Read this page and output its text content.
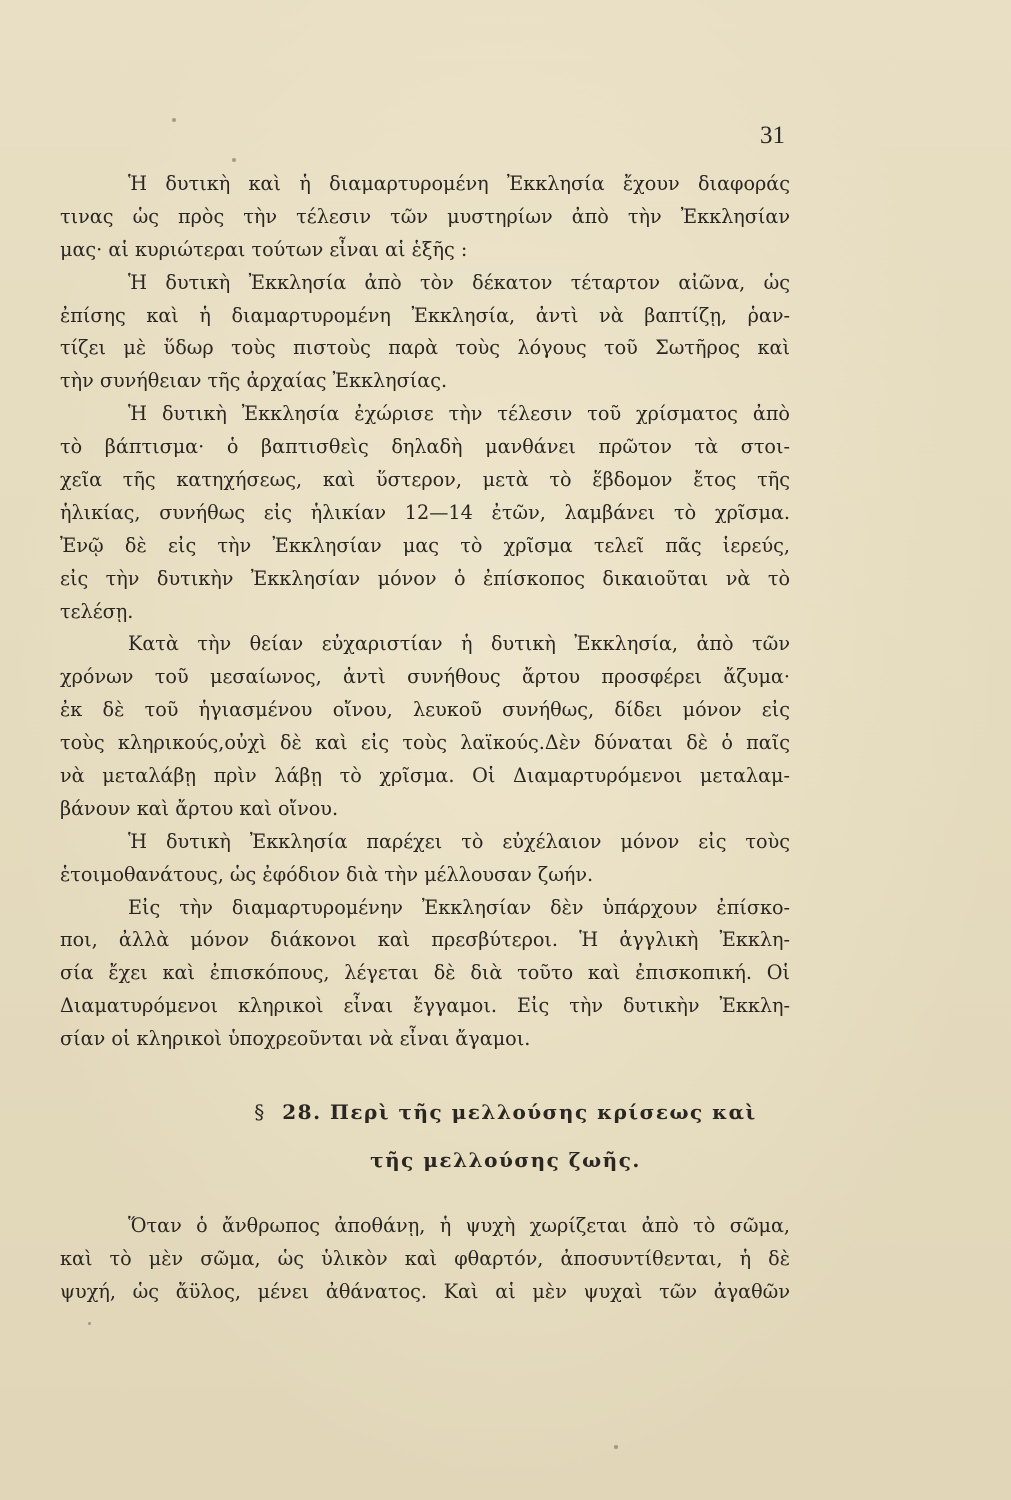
31
Ἡ δυτικὴ καὶ ἡ διαμαρτυρομένη Ἐκκλησία ἔχουν διαφοράς
τινας ὡς πρὸς τὴν τέλεσιν τῶν μυστηρίων ἀπὸ τὴν Ἐκκλησίαν
μας· αἱ κυριώτεραι τούτων εἶναι αἱ ἑξῆς :
Ἡ δυτικὴ Ἐκκλησία ἀπὸ τὸν δέκατον τέταρτον αἰῶνα, ὡς
ἐπίσης καὶ ἡ διαμαρτυρομένη Ἐκκλησία, ἀντὶ νὰ βαπτίζῃ, ῥαν-
τίζει μὲ ὕδωρ τοὺς πιστοὺς παρὰ τοὺς λόγους τοῦ Σωτῆρος καὶ
τὴν συνήθειαν τῆς ἀρχαίας Ἐκκλησίας.
Ἡ δυτικὴ Ἐκκλησία ἐχώρισε τὴν τέλεσιν τοῦ χρίσματος ἀπὸ
τὸ βάπτισμα· ὁ βαπτισθεὶς δηλαδὴ μανθάνει πρῶτον τὰ στοι-
χεῖα τῆς κατηχήσεως, καὶ ὕστερον, μετὰ τὸ ἕβδομον ἔτος τῆς
ἡλικίας, συνήθως εἰς ἡλικίαν 12—14 ἐτῶν, λαμβάνει τὸ χρῖσμα.
Ἐνῷ δὲ εἰς τὴν Ἐκκλησίαν μας τὸ χρῖσμα τελεῖ πᾶς ἱερεύς,
εἰς τὴν δυτικὴν Ἐκκλησίαν μόνον ὁ ἐπίσκοπος δικαιοῦται νὰ τὸ
τελέσῃ.
Κατὰ τὴν θείαν εὐχαριστίαν ἡ δυτικὴ Ἐκκλησία, ἀπὸ τῶν
χρόνων τοῦ μεσαίωνος, ἀντὶ συνήθους ἄρτου προσφέρει ἄζυμα·
ἐκ δὲ τοῦ ἡγιασμένου οἴνου, λευκοῦ συνήθως, δίδει μόνον εἰς
τοὺς κληρικούς,οὐχὶ δὲ καὶ εἰς τοὺς λαϊκούς.Δὲν δύναται δὲ ὁ παῖς
νὰ μεταλάβῃ πρὶν λάβῃ τὸ χρῖσμα. Οἱ Διαμαρτυρόμενοι μεταλαμ-
βάνουν καὶ ἄρτου καὶ οἴνου.
Ἡ δυτικὴ Ἐκκλησία παρέχει τὸ εὐχέλαιον μόνον εἰς τοὺς
ἑτοιμοθανάτους, ὡς ἐφόδιον διὰ τὴν μέλλουσαν ζωήν.
Εἰς τὴν διαμαρτυρομένην Ἐκκλησίαν δὲν ὑπάρχουν ἐπίσκο-
ποι, ἀλλὰ μόνον διάκονοι καὶ πρεσβύτεροι. Ἡ ἀγγλικὴ Ἐκκλη-
σία ἔχει καὶ ἐπισκόπους, λέγεται δὲ διὰ τοῦτο καὶ ἐπισκοπική. Οἱ
Διαματυρόμενοι κληρικοὶ εἶναι ἔγγαμοι. Εἰς τὴν δυτικὴν Ἐκκλη-
σίαν οἱ κληρικοὶ ὑποχρεοῦνται νὰ εἶναι ἄγαμοι.
§ 28. Περὶ τῆς μελλούσης κρίσεως καὶ
τῆς μελλούσης ζωῆς.
Ὅταν ὁ ἄνθρωπος ἀποθάνῃ, ἡ ψυχὴ χωρίζεται ἀπὸ τὸ σῶμα,
καὶ τὸ μὲν σῶμα, ὡς ὑλικὸν καὶ φθαρτόν, ἀποσυντίθενται, ἡ δὲ
ψυχή, ὡς ἄϋλος, μένει ἀθάνατος. Καὶ αἱ μὲν ψυχαὶ τῶν ἀγαθῶν
